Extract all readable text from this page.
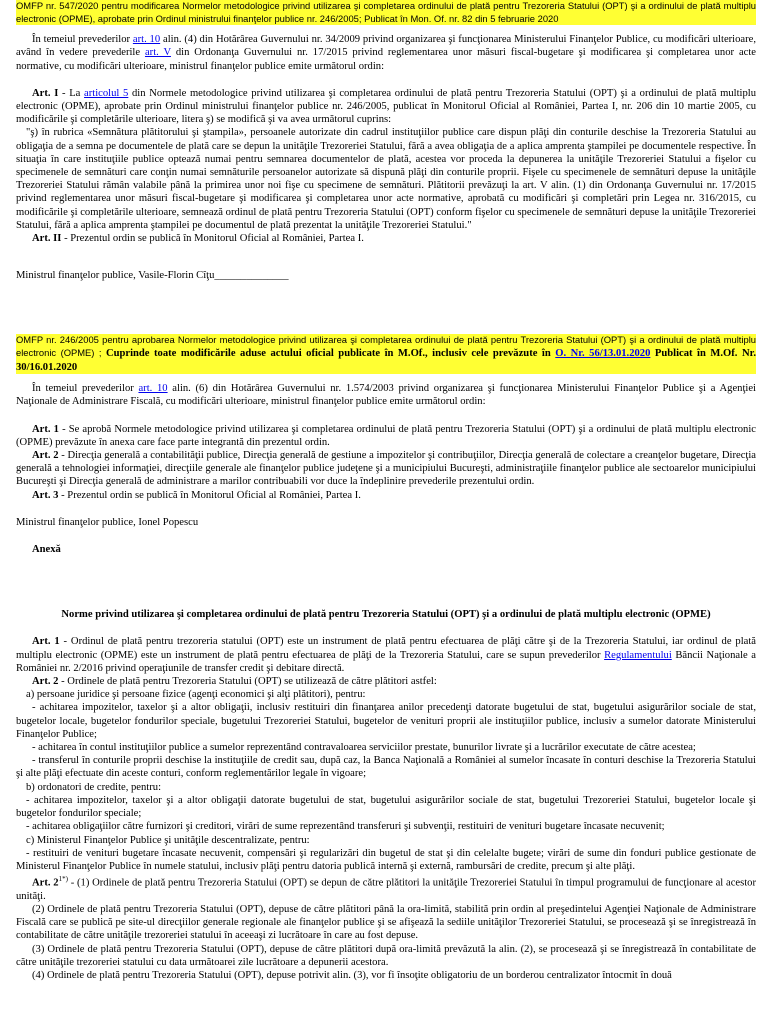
OMFP nr. 547/2020 pentru modificarea Normelor metodologice privind utilizarea şi completarea ordinului de plată pentru Trezoreria Statului (OPT) şi a ordinului de plată multiplu electronic (OPME), aprobate prin Ordinul ministrului finanţelor publice nr. 246/2005; Publicat în Mon. Of. nr. 82 din 5 februarie 2020

În temeiul prevederilor art. 10 alin. (4) din Hotărârea Guvernului nr. 34/2009 privind organizarea şi funcţionarea Ministerului Finanţelor Publice, cu modificări ulterioare, având în vedere prevederile art. V din Ordonanţa Guvernului nr. 17/2015 privind reglementarea unor măsuri fiscal-bugetare şi modificarea şi completarea unor acte normative, cu modificări ulterioare, ministrul finanţelor publice emite următorul ordin:

Art. I - La articolul 5 din Normele metodologice privind utilizarea şi completarea ordinului de plată pentru Trezoreria Statului (OPT) şi a ordinului de plată multiplu electronic (OPME), aprobate prin Ordinul ministrului finanţelor publice nr. 246/2005, publicat în Monitorul Oficial al României, Partea I, nr. 206 din 10 martie 2005, cu modificările şi completările ulterioare, litera ş) se modifică şi va avea următorul cuprins:

"ş) în rubrica «Semnătura plătitorului şi ştampila», persoanele autorizate din cadrul instituţiilor publice care dispun plăţi din conturile deschise la Trezoreria Statului au obligaţia de a semna pe documentele de plată care se depun la unităţile Trezoreriei Statului, fără a avea obligaţia de a aplica amprenta ştampilei pe documentele respective. În situaţia în care instituţiile publice optează numai pentru semnarea documentelor de plată, acestea vor proceda la depunerea la unităţile Trezoreriei Statului a fişelor cu specimenele de semnături care conţin numai semnăturile persoanelor autorizate să dispună plăţi din conturile proprii. Fişele cu specimenele de semnături depuse la unităţile Trezoreriei Statului rămân valabile până la primirea unor noi fişe cu specimene de semnături. Plătitorii prevăzuţi la art. V alin. (1) din Ordonanţa Guvernului nr. 17/2015 privind reglementarea unor măsuri fiscal-bugetare şi modificarea şi completarea unor acte normative, aprobată cu modificări şi completări prin Legea nr. 316/2015, cu modificările şi completările ulterioare, semnează ordinul de plată pentru Trezoreria Statului (OPT) conform fişelor cu specimenele de semnături depuse la unităţile Trezoreriei Statului, fără a aplica amprenta ştampilei pe documentul de plată prezentat la unităţile Trezoreriei Statului."

Art. II - Prezentul ordin se publică în Monitorul Oficial al României, Partea I.

Ministrul finanţelor publice, Vasile-Florin Cîţu______________

OMFP nr. 246/2005 pentru aprobarea Normelor metodologice privind utilizarea şi completarea ordinului de plată pentru Trezoreria Statului (OPT) şi a ordinului de plată multiplu electronic (OPME) ; Cuprinde toate modificările aduse actului oficial publicate în M.Of., inclusiv cele prevăzute în O. Nr. 56/13.01.2020 Publicat în M.Of. Nr. 30/16.01.2020

În temeiul prevederilor art. 10 alin. (6) din Hotărârea Guvernului nr. 1.574/2003 privind organizarea şi funcţionarea Ministerului Finanţelor Publice şi a Agenţiei Naţionale de Administrare Fiscală, cu modificări ulterioare, ministrul finanţelor publice emite următorul ordin:

Art. 1 - Se aprobă Normele metodologice privind utilizarea şi completarea ordinului de plată pentru Trezoreria Statului (OPT) şi a ordinului de plată multiplu electronic (OPME) prevăzute în anexa care face parte integrantă din prezentul ordin.

Art. 2 - Direcţia generală a contabilităţii publice, Direcţia generală de gestiune a impozitelor şi contribuţiilor, Direcţia generală de colectare a creanţelor bugetare, Direcţia generală a tehnologiei informaţiei, direcţiile generale ale finanţelor publice judeţene şi a municipiului Bucureşti, administraţiile finanţelor publice ale sectoarelor municipiului Bucureşti şi Direcţia generală de administrare a marilor contribuabili vor duce la îndeplinire prevederile prezentului ordin.

Art. 3 - Prezentul ordin se publică în Monitorul Oficial al României, Partea I.

Ministrul finanţelor publice, Ionel Popescu

Anexă

Norme privind utilizarea şi completarea ordinului de plată pentru Trezoreria Statului (OPT) şi a ordinului de plată multiplu electronic (OPME)

Art. 1 - Ordinul de plată pentru trezoreria statului (OPT) este un instrument de plată pentru efectuarea de plăţi către şi de la Trezoreria Statului, iar ordinul de plată multiplu electronic (OPME) este un instrument de plată pentru efectuarea de plăţi de la Trezoreria Statului, care se supun prevederilor Regulamentului Băncii Naţionale a României nr. 2/2016 privind operaţiunile de transfer credit şi debitare directă.

Art. 2 - Ordinele de plată pentru Trezoreria Statului (OPT) se utilizează de către plătitori astfel:

a) persoane juridice şi persoane fizice (agenţi economici şi alţi plătitori), pentru:

- achitarea impozitelor, taxelor şi a altor obligaţii, inclusiv restituiri din finanţarea anilor precedenţi datorate bugetului de stat, bugetului asigurărilor sociale de stat, bugetelor locale, bugetelor fondurilor speciale, bugetului Trezoreriei Statului, bugetelor de venituri proprii ale instituţiilor publice, inclusiv a sumelor datorate Ministerului Finanţelor Publice;

- achitarea în contul instituţiilor publice a sumelor reprezentând contravaloarea serviciilor prestate, bunurilor livrate şi a lucrărilor executate de către acestea;

- transferul în conturile proprii deschise la instituţiile de credit sau, după caz, la Banca Naţională a României al sumelor încasate în conturi deschise la Trezoreria Statului şi alte plăţi efectuate din aceste conturi, conform reglementărilor legale în vigoare;

b) ordonatori de credite, pentru:

- achitarea impozitelor, taxelor şi a altor obligaţii datorate bugetului de stat, bugetului asigurărilor sociale de stat, bugetului Trezoreriei Statului, bugetelor locale şi bugetelor fondurilor speciale;

- achitarea obligaţiilor către furnizori şi creditori, virări de sume reprezentând transferuri şi subvenţii, restituiri de venituri bugetare încasate necuvenit;

c) Ministerul Finanţelor Publice şi unităţile descentralizate, pentru:

- restituiri de venituri bugetare încasate necuvenit, compensări şi regularizări din bugetul de stat şi din celelalte bugete; virări de sume din fonduri publice gestionate de Ministerul Finanţelor Publice în numele statului, inclusiv plăţi pentru datoria publică internă şi externă, rambursări de credite, precum şi alte plăţi.

Art. $2^{1*)} - (1)$ Ordinele de plată pentru Trezoreria Statului (OPT) se depun de către plătitori la unităţile Trezoreriei Statului în timpul programului de funcţionare al acestor unităţi.

(2) Ordinele de plată pentru Trezoreria Statului (OPT), depuse de către plătitori până la ora-limită, stabilită prin ordin al preşedintelui Agenţiei Naţionale de Administrare Fiscală care se publică pe site-ul direcţiilor generale regionale ale finanţelor publice şi se afişează la sediile unităţilor Trezoreriei Statului, se procesează şi se înregistrează în contabilitate de către unităţile trezoreriei statului în aceeaşi zi lucrătoare în care au fost depuse.

(3) Ordinele de plată pentru Trezoreria Statului (OPT), depuse de către plătitori după ora-limită prevăzută la alin. (2), se procesează şi se înregistrează în contabilitate de către unităţile trezoreriei statului cu data următoarei zile lucrătoare a depunerii acestora.

(4) Ordinele de plată pentru Trezoreria Statului (OPT), depuse potrivit alin. (3), vor fi însoţite obligatoriu de un borderou centralizator întocmit în două
